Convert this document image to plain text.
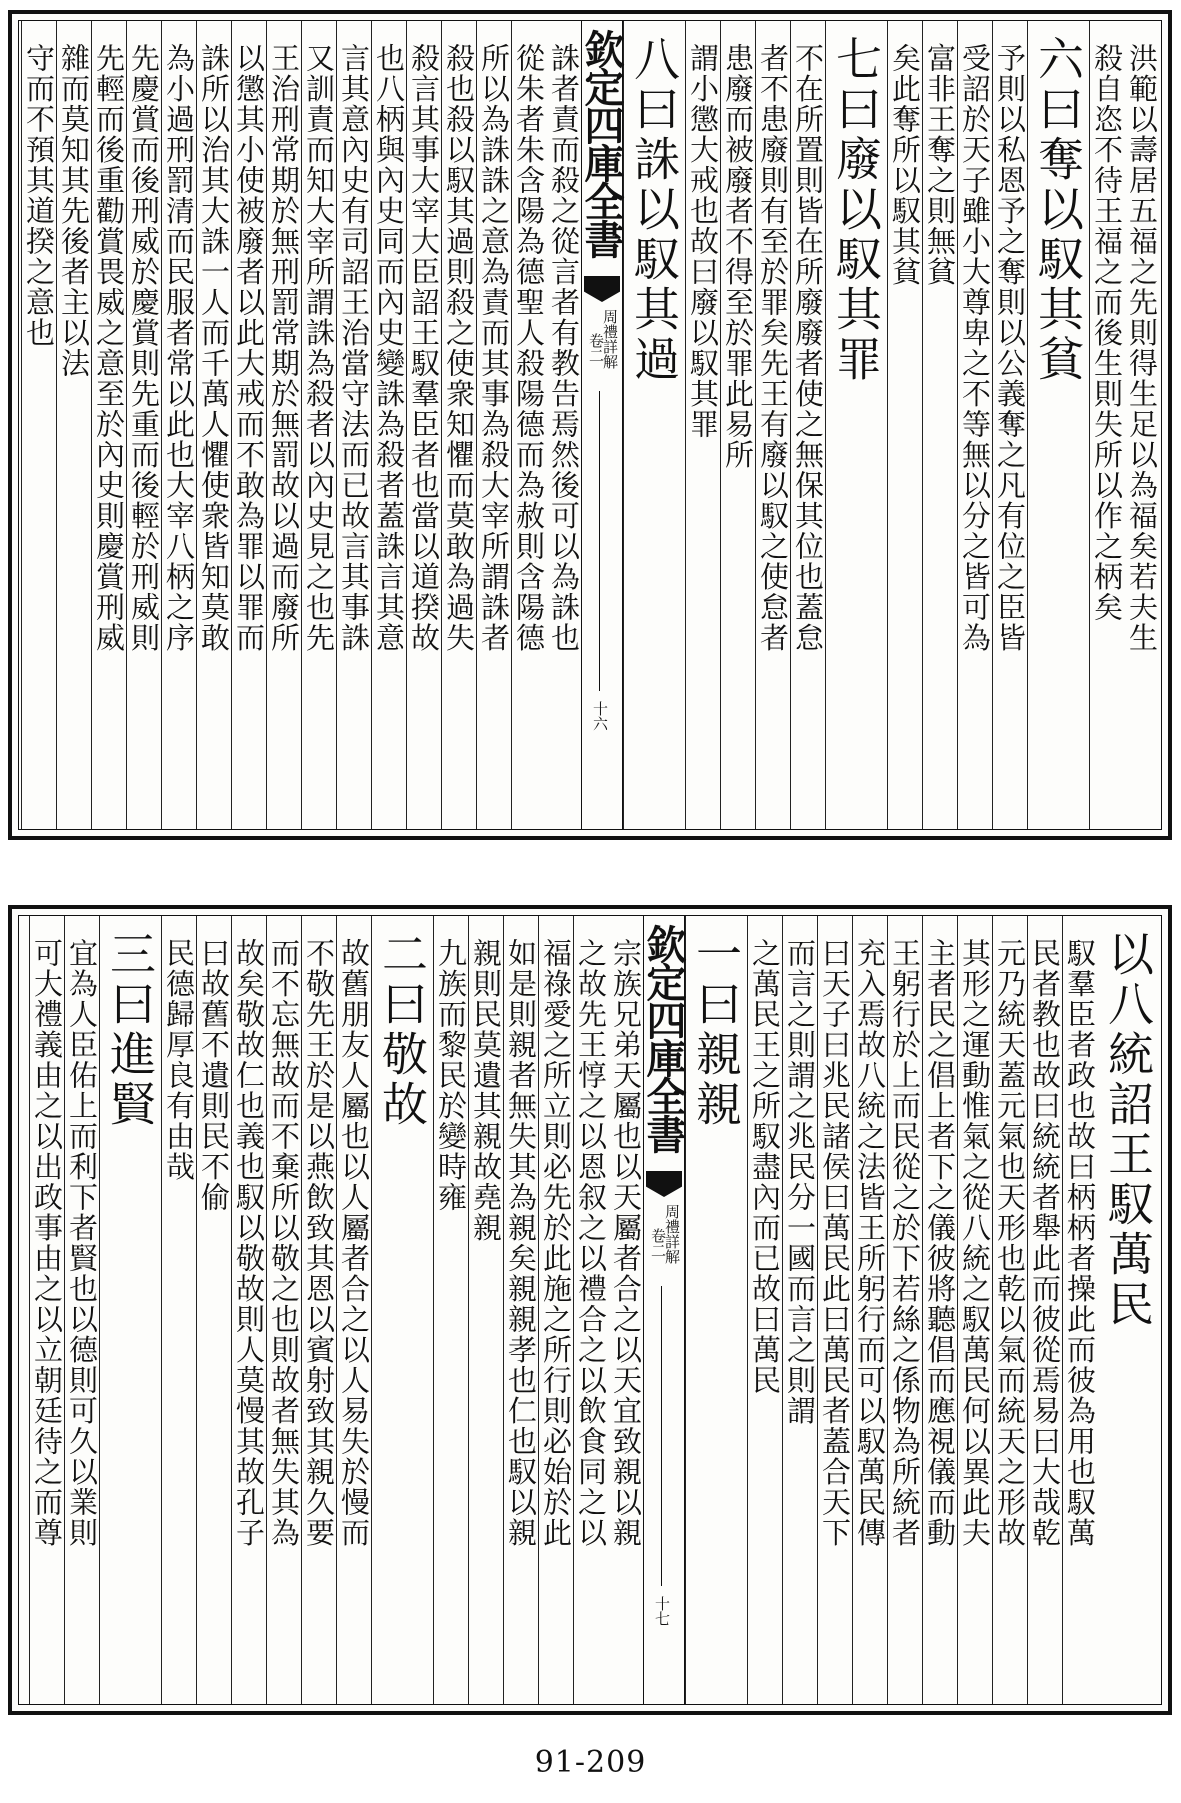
洪範以壽居五福之先則得生足以為福矣若夫生
殺自恣不待王福之而後生則失所以作之柄矣
六曰奪以馭其貧
予則以私恩予之奪則以公義奪之凡有位之臣皆
受詔於天子雖小大尊卑之不等無以分之皆可為
富非王奪之則無貧
矣此奪所以馭其貧
七曰廢以馭其罪
不在所置則皆在所廢廢者使之無保其位也蓋怠
者不患廢則有至於罪矣先王有廢以馭之使怠者
患廢而被廢者不得至於罪此易所
謂小懲大戒也故曰廢以馭其罪
八曰誅以馭其過
欽定四庫全書
卷二
周禮詳解
十六
誅者責而殺之從言者有教告焉然後可以為誅也
從朱者朱含陽為德聖人殺陽德而為赦則含陽德
所以為誅誅之意為責而其事為殺大宰所謂誅者
殺也殺以馭其過則殺之使衆知懼而莫敢為過失
殺言其事大宰大臣詔王馭羣臣者也當以道揆故
也八柄與內史同而內史變誅為殺者蓋誅言其意
言其意內史有司詔王治當守法而已故言其事誅
又訓責而知大宰所謂誅為殺者以內史見之也先
王治刑常期於無刑罰常期於無罰故以過而廢所
以懲其小使被廢者以此大戒而不敢為罪以罪而
誅所以治其大誅一人而千萬人懼使衆皆知莫敢
為小過刑罰清而民服者常以此也大宰八柄之序
先慶賞而後刑威於慶賞則先重而後輕於刑威則
先輕而後重勸賞畏威之意至於內史則慶賞刑威
雜而莫知其先後者主以法
守而不預其道揆之意也
以八統詔王馭萬民
馭羣臣者政也故曰柄柄者操此而彼為用也馭萬
民者教也故曰統統者舉此而彼從焉易曰大哉乾
元乃統天蓋元氣也天形也乾以氣而統天之形故
其形之運動惟氣之從八統之馭萬民何以異此夫
主者民之倡上者下之儀彼將聽倡而應視儀而動
王躬行於上而民從之於下若絲之係物為所統者
充入焉故八統之法皆王所躬行而可以馭萬民傳
曰天子曰兆民諸侯曰萬民此曰萬民者蓋合天下
而言之則謂之兆民分一國而言之則謂
之萬民王之所馭盡內而已故曰萬民
一曰親親
欽定四庫全書
卷二
周禮詳解
十七
宗族兄弟天屬也以天屬者合之以天宜致親以親
之故先王惇之以恩叙之以禮合之以飲食同之以
福祿愛之所立則必先於此施之所行則必始於此
如是則親者無失其為親矣親親孝也仁也馭以親
親則民莫遺其親故堯親
九族而黎民於變時雍
二曰敬故
故舊朋友人屬也以人屬者合之以人易失於慢而
不敬先王於是以燕飲致其恩以賓射致其親久要
而不忘無故而不棄所以敬之也則故者無失其為
故矣敬故仁也義也馭以敬故則人莫慢其故孔子
曰故舊不遺則民不偷
民德歸厚良有由哉
三曰進賢
宜為人臣佑上而利下者賢也以德則可久以業則
可大禮義由之以出政事由之以立朝廷待之而尊
91-209
